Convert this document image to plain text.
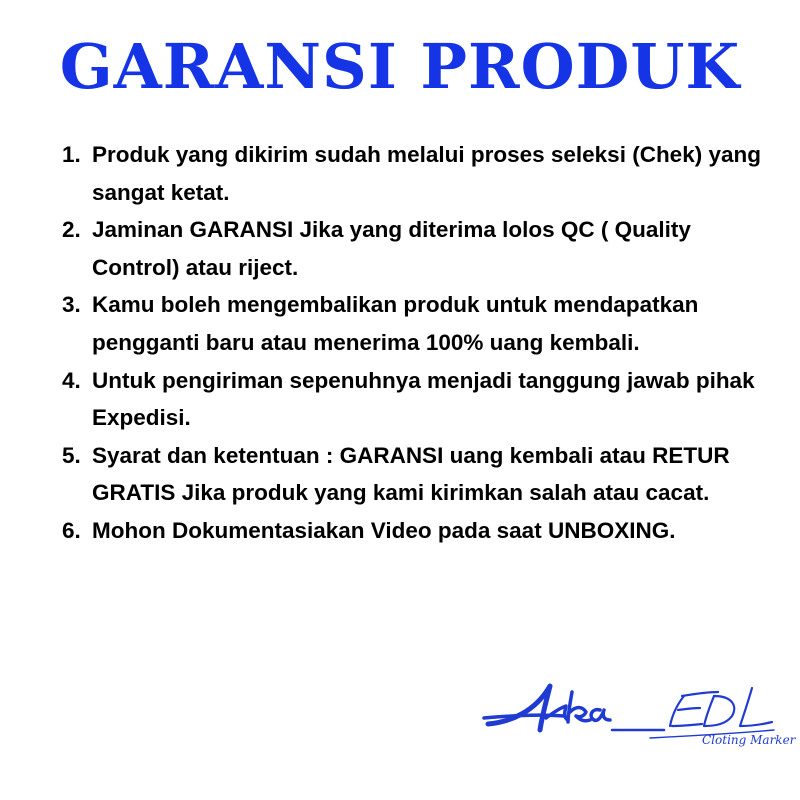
GARANSI PRODUK
1. Produk yang dikirim sudah melalui proses seleksi (Chek) yang sangat ketat.
2. Jaminan GARANSI Jika yang diterima lolos QC ( Quality Control) atau riject.
3. Kamu boleh mengembalikan produk untuk mendapatkan pengganti baru atau menerima 100% uang kembali.
4. Untuk pengiriman sepenuhnya menjadi tanggung jawab pihak Expedisi.
5. Syarat dan ketentuan : GARANSI uang kembali atau RETUR GRATIS Jika produk yang kami kirimkan salah atau cacat.
6. Mohon Dokumentasiakan Video pada saat UNBOXING.
Cloting Marker
